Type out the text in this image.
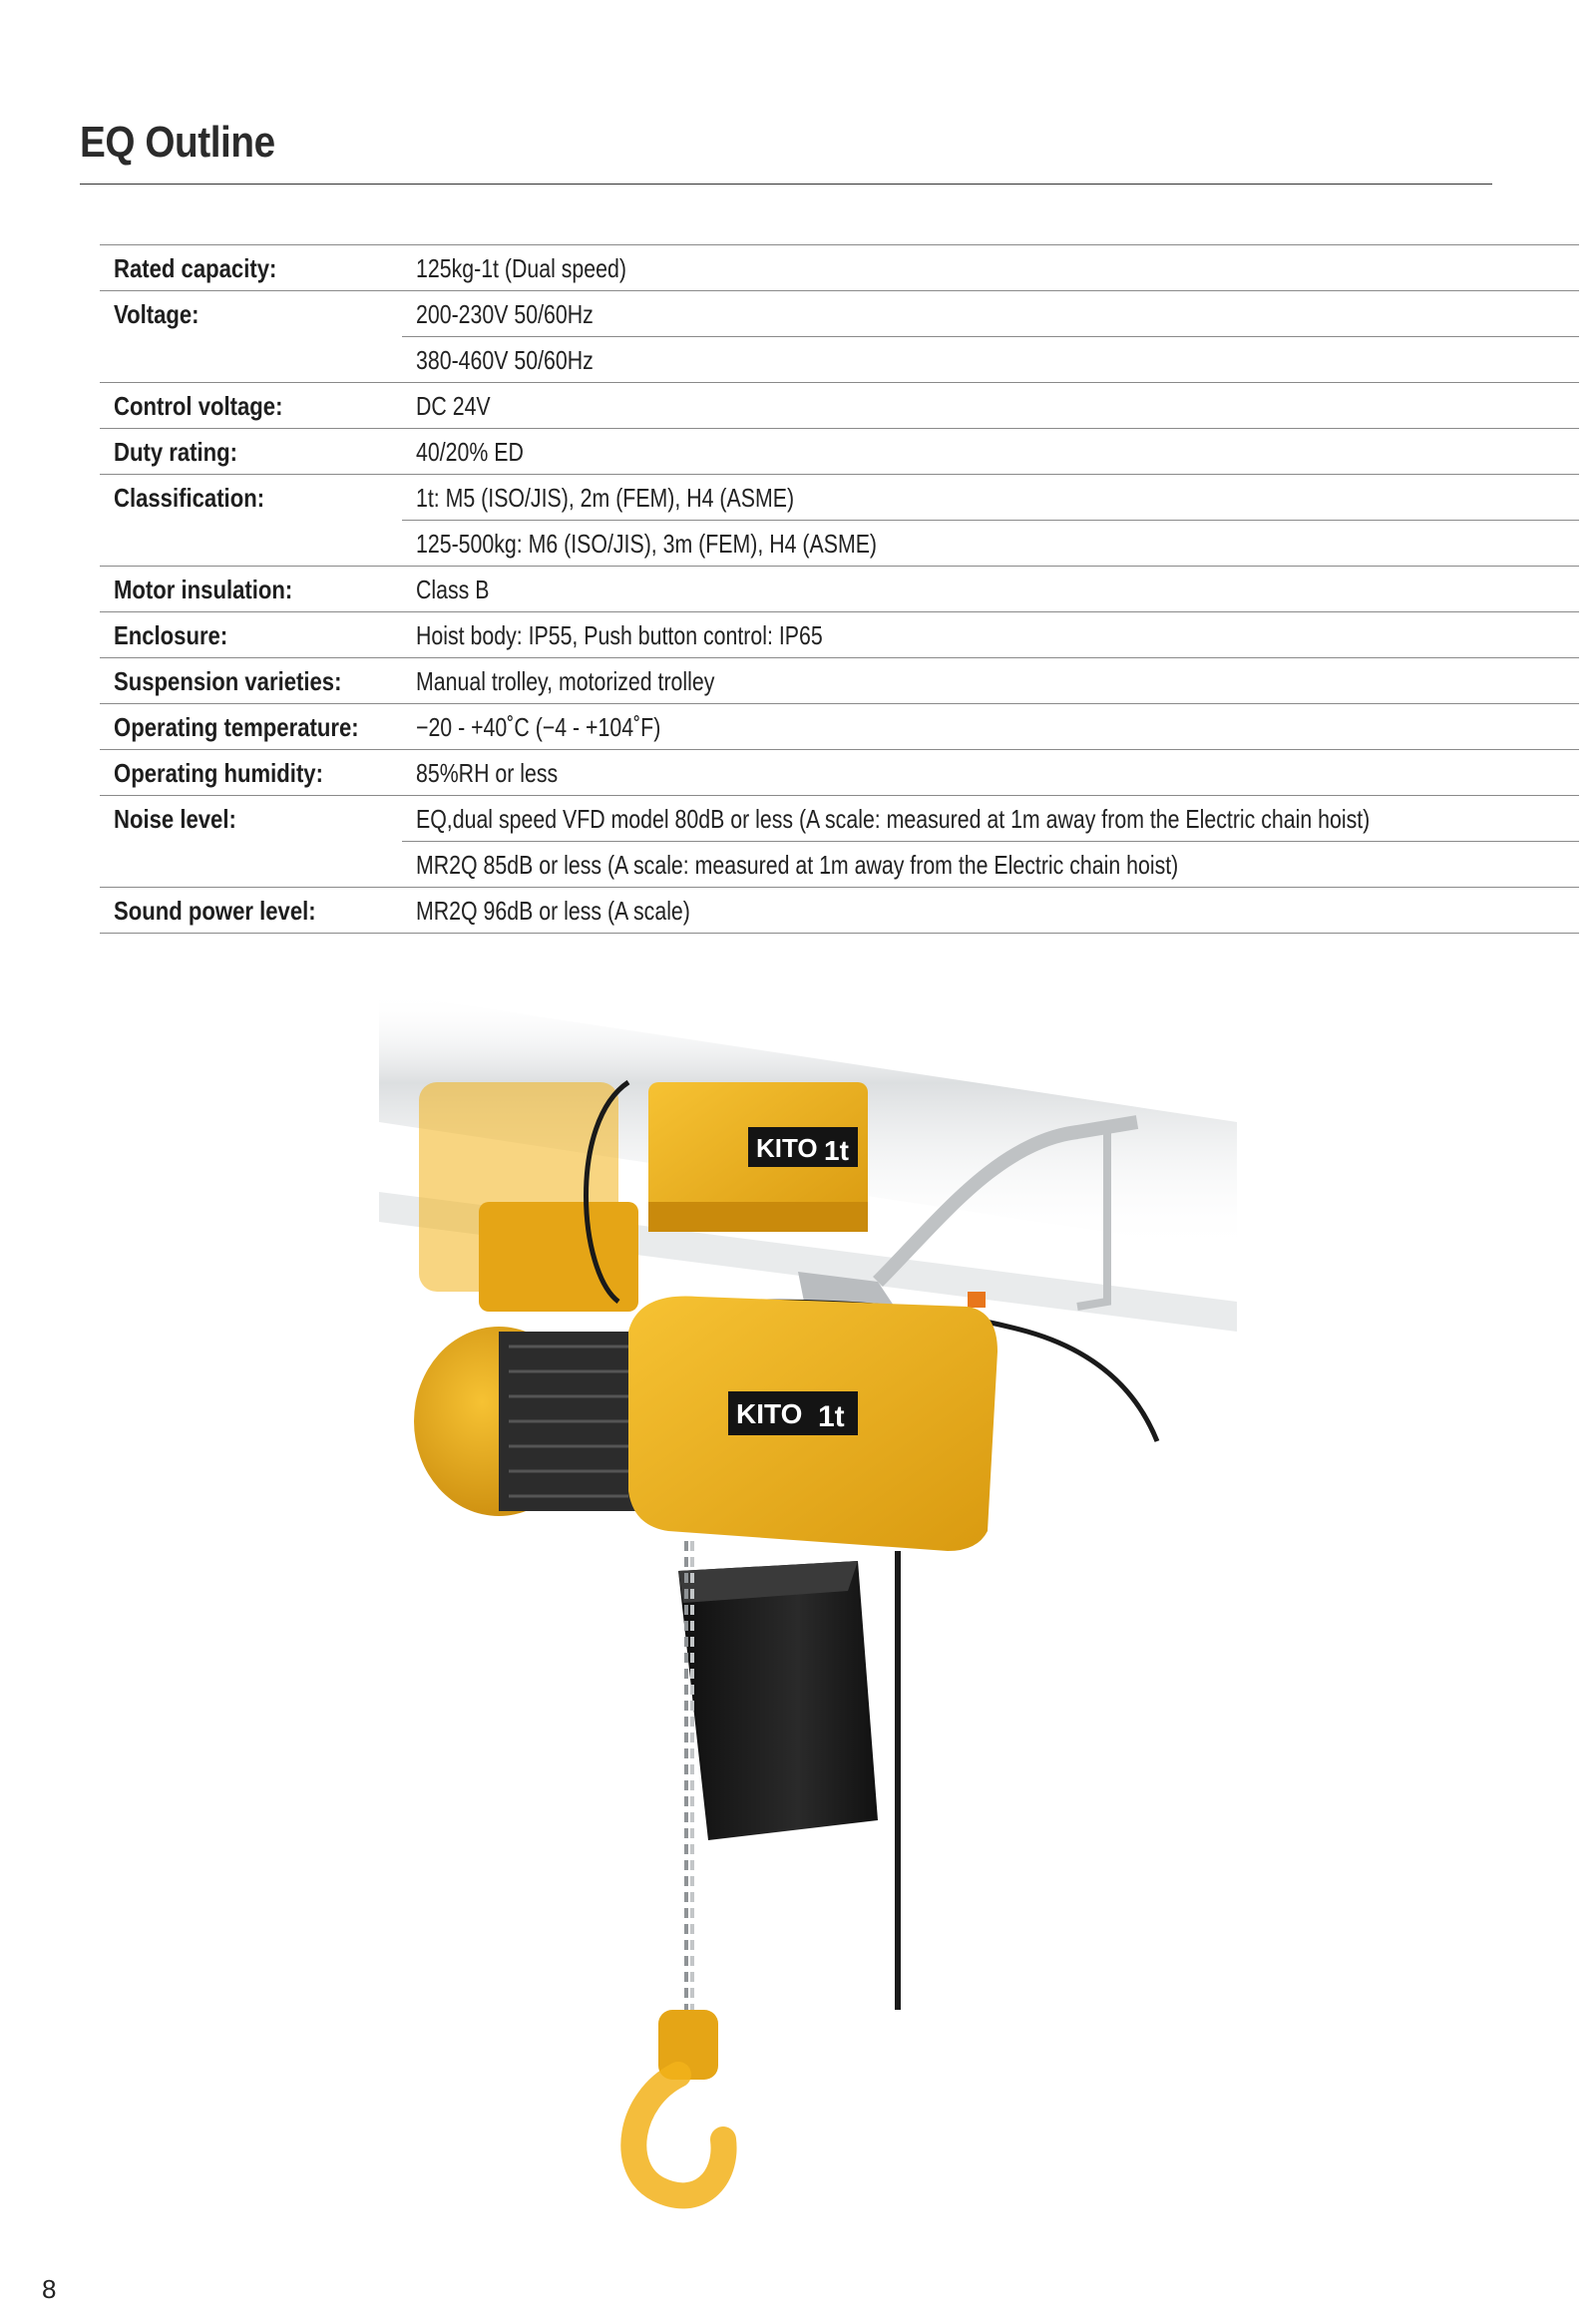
EQ Outline
Rated capacity:	125kg-1t (Dual speed)
Voltage:	200-230V 50/60Hz
	380-460V 50/60Hz
Control voltage:	DC 24V
Duty rating:	40/20% ED
Classification:	1t: M5 (ISO/JIS), 2m (FEM), H4 (ASME)
	125-500kg: M6 (ISO/JIS), 3m (FEM), H4 (ASME)
Motor insulation:	Class B
Enclosure:	Hoist body: IP55, Push button control: IP65
Suspension varieties:	Manual trolley, motorized trolley
Operating temperature:	−20 - +40˚C (−4 - +104˚F)
Operating humidity:	85%RH or less
Noise level:	EQ,dual speed VFD model 80dB or less (A scale: measured at 1m away from the Electric chain hoist)
	MR2Q 85dB or less (A scale: measured at 1m away from the Electric chain hoist)
Sound power level:	MR2Q 96dB or less (A scale)
KITO 1t
KITO 1t
8
